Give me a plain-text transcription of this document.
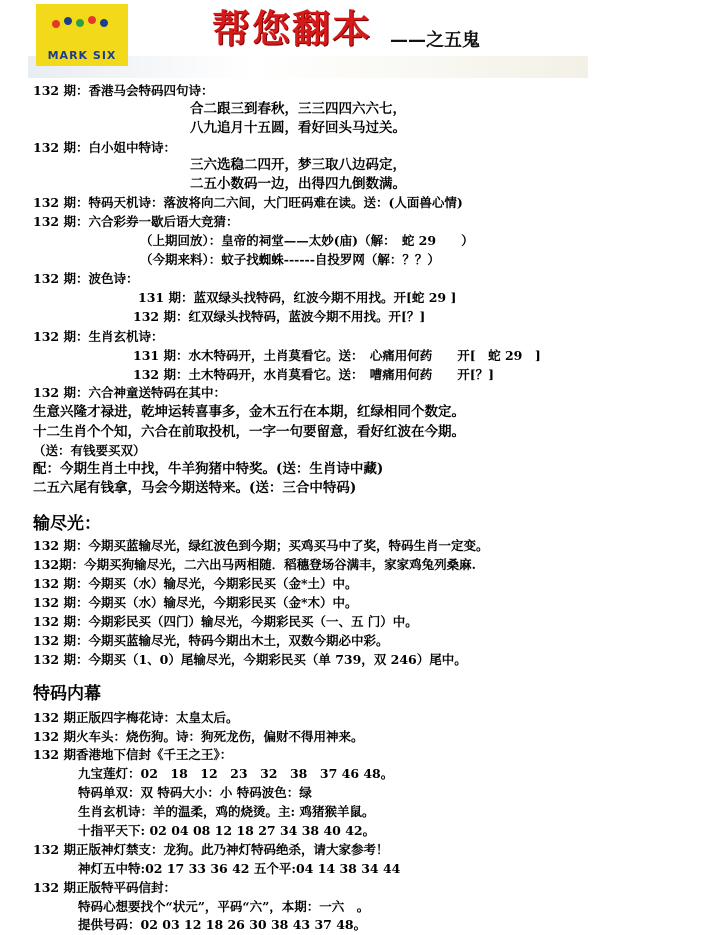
MARK SIX
帮您翻本 ——之五鬼
132 期：香港马会特码四句诗：
合二跟三到春秋，三三四四六六七，
八九追月十五圆，看好回头马过关。
132 期：白小姐中特诗：
三六选稳二四开，梦三取八边码定，
二五小数码一边，出得四九倒数满。
132 期：特码天机诗：落波将向二六间，大门旺码难在读。送：(人面兽心情)
132 期：六合彩券一歇后语大竞猜：
（上期回放）：皇帝的祠堂——太妙(庙)（解：　蛇 29　　）
（今期来料）：蚊子找蜘蛛------自投罗网（解：？？）
132 期：波色诗：
131 期：蓝双绿头找特码，红波今期不用找。开[蛇 29 ]
132 期：红双绿头找特码，蓝波今期不用找。开[？]
132 期：生肖玄机诗：
131 期：水木特码开，土肖莫看它。送：　心痛用何药　　开[　蛇 29　]
132 期：土木特码开，水肖莫看它。送：　嘈痛用何药　　开[？]
132 期：六合神童送特码在其中：
生意兴隆才禄进，乾坤运转喜事多，金木五行在本期，红绿相同个数定。
十二生肖个个知，六合在前取投机，一字一句要留意，看好红波在今期。
（送：有钱要买双）
配：今期生肖土中找，牛羊狗猪中特奖。(送：生肖诗中藏)
二五六尾有钱拿，马会今期送特来。(送：三合中特码)
输尽光：
132 期：今期买蓝输尽光，绿红波色到今期；买鸡买马中了奖，特码生肖一定变。
132期：今期买狗输尽光，二六出马两相随．稻穗登场谷满丰，家家鸡兔列桑麻.
132 期：今期买（水）输尽光，今期彩民买（金*土）中。
132 期：今期买（水）输尽光，今期彩民买（金*木）中。
132 期：今期彩民买（四门）输尽光，今期彩民买（一、五 门）中。
132 期：今期买蓝输尽光，特码今期出木土，双数今期必中彩。
132 期：今期买（1、0）尾输尽光，今期彩民买（单 739，双 246）尾中。
特码内幕
132 期正版四字梅花诗：太皇太后。
132 期火车头：烧伤狗。诗：狗死龙伤，偏财不得用神来。
132 期香港地下信封《千王之王》：
九宝莲灯：02　18　12　23　32　38　37 46 48。
特码单双：双 特码大小：小 特码波色：绿
生肖玄机诗：羊的温柔，鸡的烧烫。主: 鸡猪猴羊鼠。
十指平天下: 02 04 08 12 18 27 34 38 40 42。
132 期正版神灯禁支：龙狗。此乃神灯特码绝杀，请大家参考！
神灯五中特:02 17 33 36 42 五个平:04 14 38 34 44
132 期正版特平码信封：
特码心想要找个“状元”，平码“六”，本期：一六　。
提供号码：02 03 12 18 26 30 38 43 37 48。
